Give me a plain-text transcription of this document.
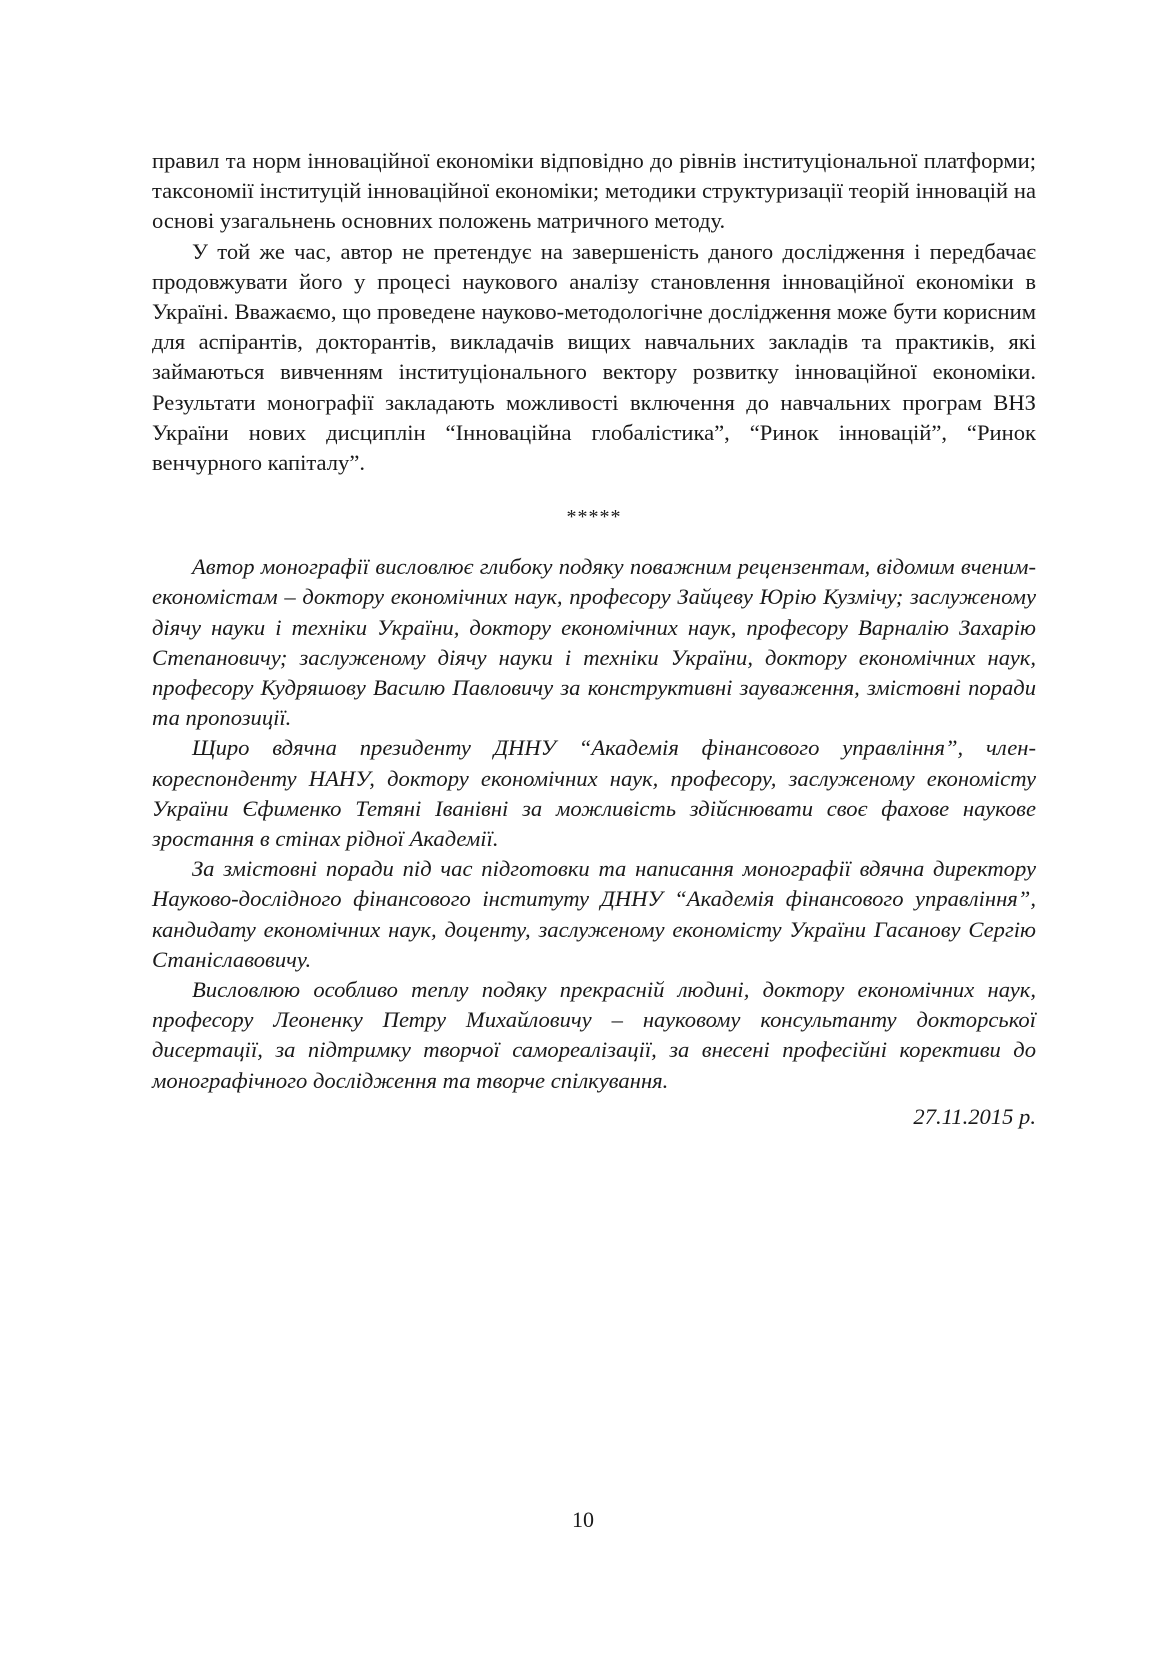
правил та норм інноваційної економіки відповідно до рівнів інституціональної платформи; таксономії інституцій інноваційної економіки; методики структуризації теорій інновацій на основі узагальнень основних положень матричного методу.

У той же час, автор не претендує на завершеність даного дослідження і передбачає продовжувати його у процесі наукового аналізу становлення інноваційної економіки в Україні. Вважаємо, що проведене науково-методологічне дослідження може бути корисним для аспірантів, докторантів, викладачів вищих навчальних закладів та практиків, які займаються вивченням інституціонального вектору розвитку інноваційної економіки. Результати монографії закладають можливості включення до навчальних програм ВНЗ України нових дисциплін “Інноваційна глобалістика”, “Ринок інновацій”, “Ринок венчурного капіталу”.

*****

Автор монографії висловлює глибоку подяку поважним рецензентам, відомим вченим-економістам – доктору економічних наук, професору Зайцеву Юрію Кузмічу; заслуженому діячу науки і техніки України, доктору економічних наук, професору Варналію Захарію Степановичу; заслуженому діячу науки і техніки України, доктору економічних наук, професору Кудряшову Василю Павловичу за конструктивні зауваження, змістовні поради та пропозиції.

Щиро вдячна президенту ДННУ “Академія фінансового управління”, член-кореспонденту НАНУ, доктору економічних наук, професору, заслуженому економісту України Єфименко Тетяні Іванівні за можливість здійснювати своє фахове наукове зростання в стінах рідної Академії.

За змістовні поради під час підготовки та написання монографії вдячна директору Науково-дослідного фінансового інституту ДННУ “Академія фінансового управління”, кандидату економічних наук, доценту, заслуженому економісту України Гасанову Сергію Станіславовичу.

Висловлюю особливо теплу подяку прекрасній людині, доктору економічних наук, професору Леоненку Петру Михайловичу – науковому консультанту докторської дисертації, за підтримку творчої самореалізації, за внесені професійні корективи до монографічного дослідження та творче спілкування.

27.11.2015 р.

10
